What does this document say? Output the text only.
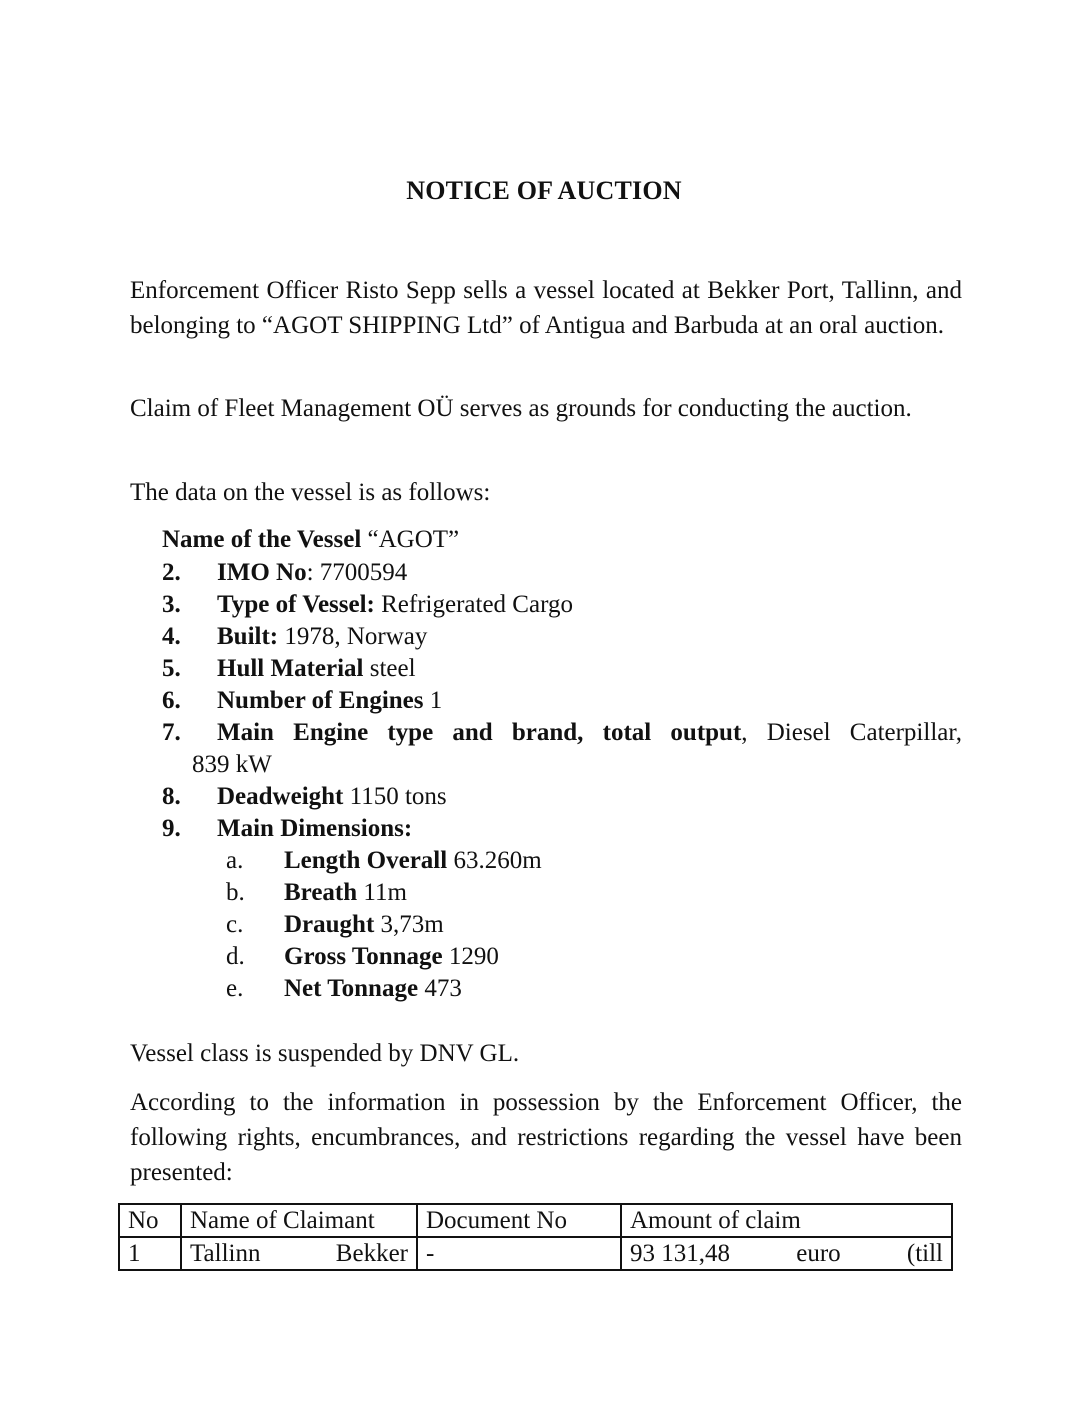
NOTICE OF AUCTION
Enforcement Officer Risto Sepp sells a vessel located at Bekker Port, Tallinn, and belonging to “AGOT SHIPPING Ltd” of Antigua and Barbuda at an oral auction.
Claim of Fleet Management OÜ serves as grounds for conducting the auction.
The data on the vessel is as follows:
Name of the Vessel “AGOT”
2. IMO No: 7700594
3. Type of Vessel: Refrigerated Cargo
4. Built: 1978, Norway
5. Hull Material steel
6. Number of Engines 1
7. Main Engine type and brand, total output, Diesel Caterpillar,
839 kW
8. Deadweight 1150 tons
9. Main Dimensions:
a. Length Overall 63.260m
b. Breath 11m
c. Draught 3,73m
d. Gross Tonnage 1290
e. Net Tonnage 473
Vessel class is suspended by DNV GL.
According to the information in possession by the Enforcement Officer, the following rights, encumbrances, and restrictions regarding the vessel have been presented:
No	Name of Claimant	Document No	Amount of claim
1	Tallinn Bekker	-	93 131,48 euro (till
